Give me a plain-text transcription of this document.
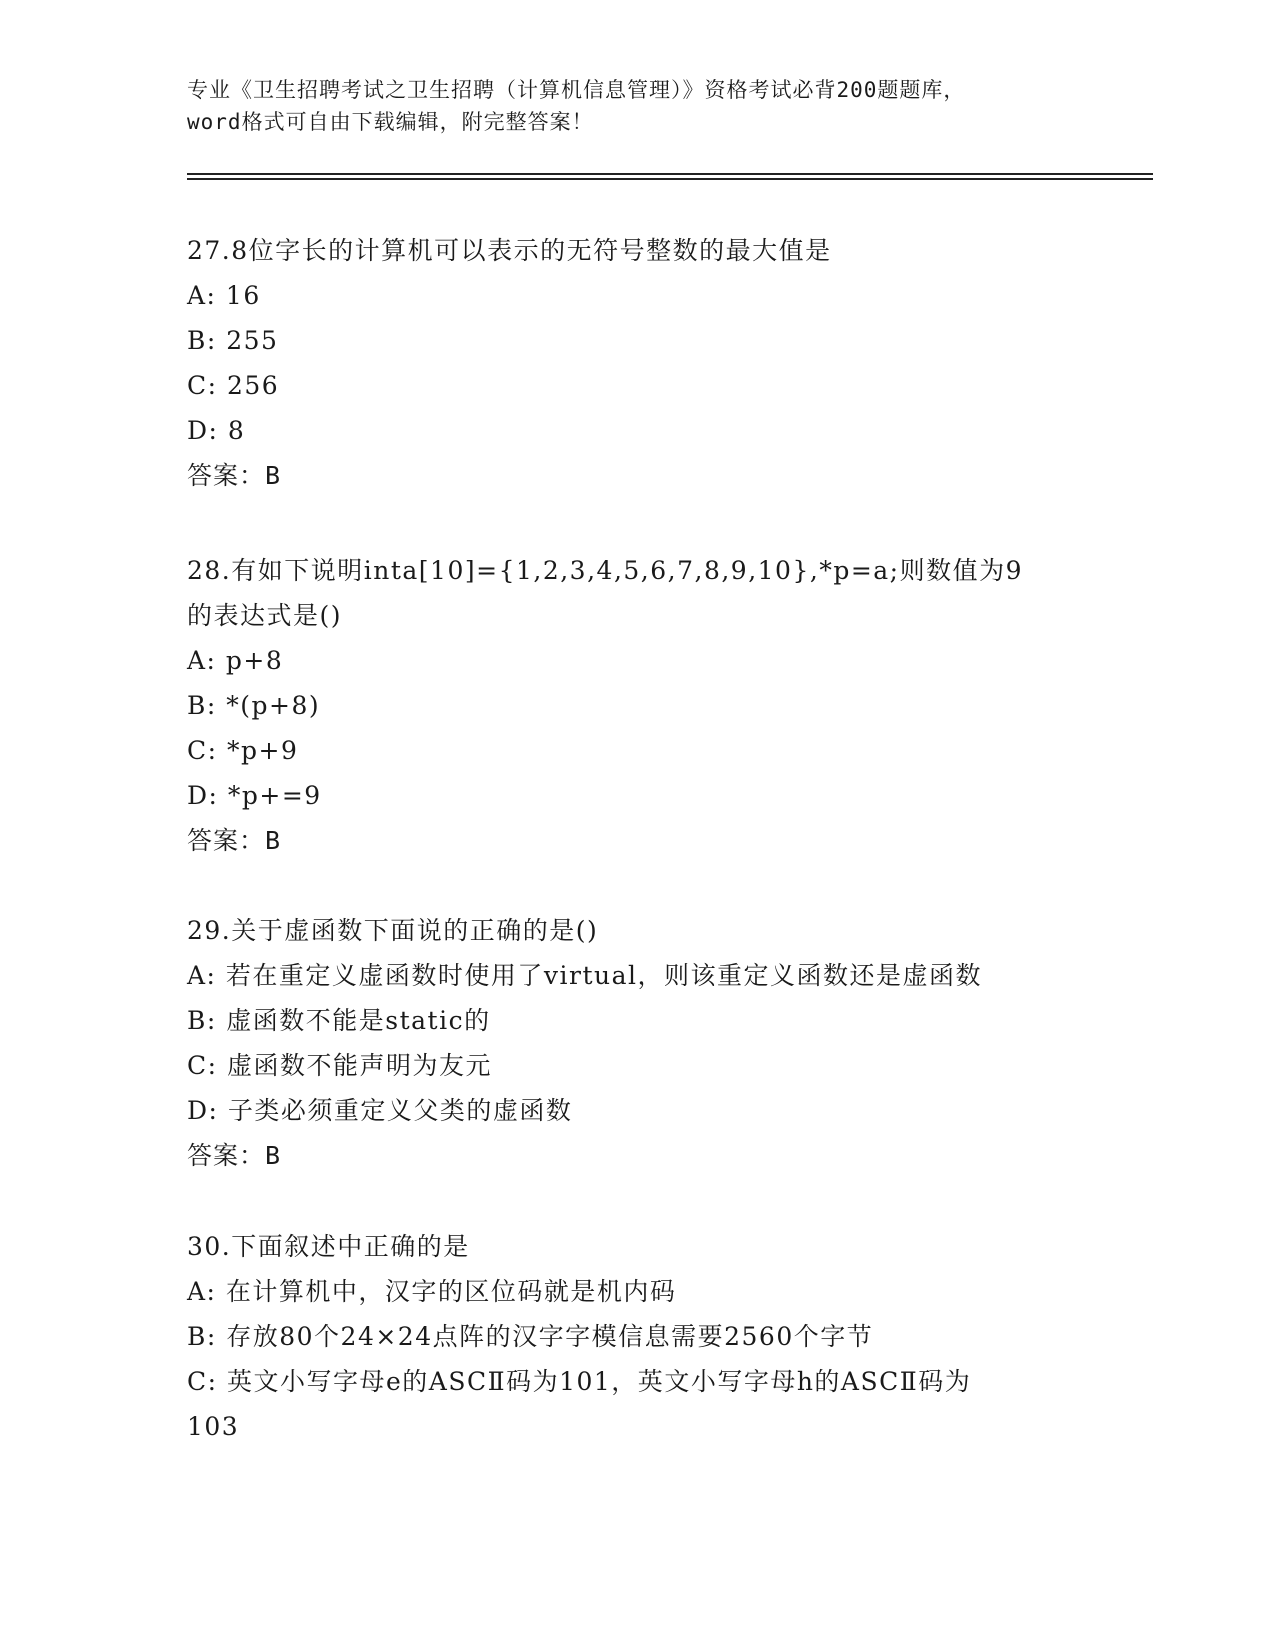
专业《卫生招聘考试之卫生招聘（计算机信息管理）》资格考试必背200题题库，
word格式可自由下载编辑，附完整答案！
27.8位字长的计算机可以表示的无符号整数的最大值是
A: 16
B: 255
C: 256
D: 8
答案：B
28.有如下说明inta[10]={1,2,3,4,5,6,7,8,9,10},*p=a;则数值为9
的表达式是()
A: p+8
B: *(p+8)
C: *p+9
D: *p+=9
答案：B
29.关于虚函数下面说的正确的是()
A: 若在重定义虚函数时使用了virtual，则该重定义函数还是虚函数
B: 虚函数不能是static的
C: 虚函数不能声明为友元
D: 子类必须重定义父类的虚函数
答案：B
30.下面叙述中正确的是
A: 在计算机中，汉字的区位码就是机内码
B: 存放80个24×24点阵的汉字字模信息需要2560个字节
C: 英文小写字母e的ASCⅡ码为101，英文小写字母h的ASCⅡ码为
103
